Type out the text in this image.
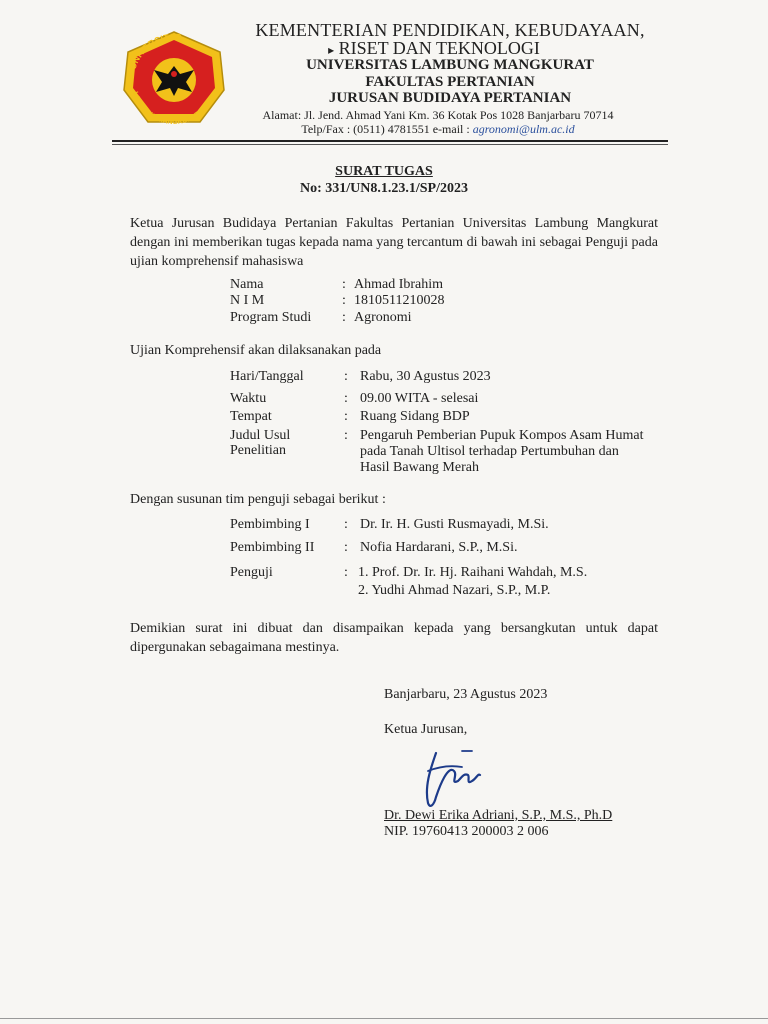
UNIVERSITAS
LAMBUNG MANGKURAT
KEMENTERIAN PENDIDIKAN, KEBUDAYAAN,
▸ RISET DAN TEKNOLOGI
UNIVERSITAS LAMBUNG MANGKURAT
FAKULTAS PERTANIAN
JURUSAN BUDIDAYA PERTANIAN
Alamat: Jl. Jend. Ahmad Yani Km. 36 Kotak Pos 1028 Banjarbaru 70714
Telp/Fax : (0511) 4781551 e-mail : agronomi@ulm.ac.id
SURAT TUGAS
No: 331/UN8.1.23.1/SP/2023
Ketua Jurusan Budidaya Pertanian Fakultas Pertanian Universitas Lambung Mangkurat dengan ini memberikan tugas kepada nama yang tercantum di bawah ini sebagai Penguji pada ujian komprehensif mahasiswa
Nama	: Ahmad Ibrahim
N I M	: 1810511210028
Program Studi : Agronomi
Ujian Komprehensif akan dilaksanakan pada
Hari/Tanggal	: Rabu, 30 Agustus 2023
Waktu	: 09.00 WITA - selesai
Tempat	: Ruang Sidang BDP
Judul Usul
Penelitian
: Pengaruh Pemberian Pupuk Kompos Asam Humat
pada Tanah Ultisol terhadap Pertumbuhan dan
Hasil Bawang Merah
Dengan susunan tim penguji sebagai berikut :
Pembimbing I : Dr. Ir. H. Gusti Rusmayadi, M.Si.
Pembimbing II : Nofia Hardarani, S.P., M.Si.
Penguji	: 1. Prof. Dr. Ir. Hj. Raihani Wahdah, M.S.
2. Yudhi Ahmad Nazari, S.P., M.P.
Demikian surat ini dibuat dan disampaikan kepada yang bersangkutan untuk dapat dipergunakan sebagaimana mestinya.
Banjarbaru, 23 Agustus 2023
Ketua Jurusan,
Dr. Dewi Erika Adriani, S.P., M.S., Ph.D
NIP. 19760413 200003 2 006
